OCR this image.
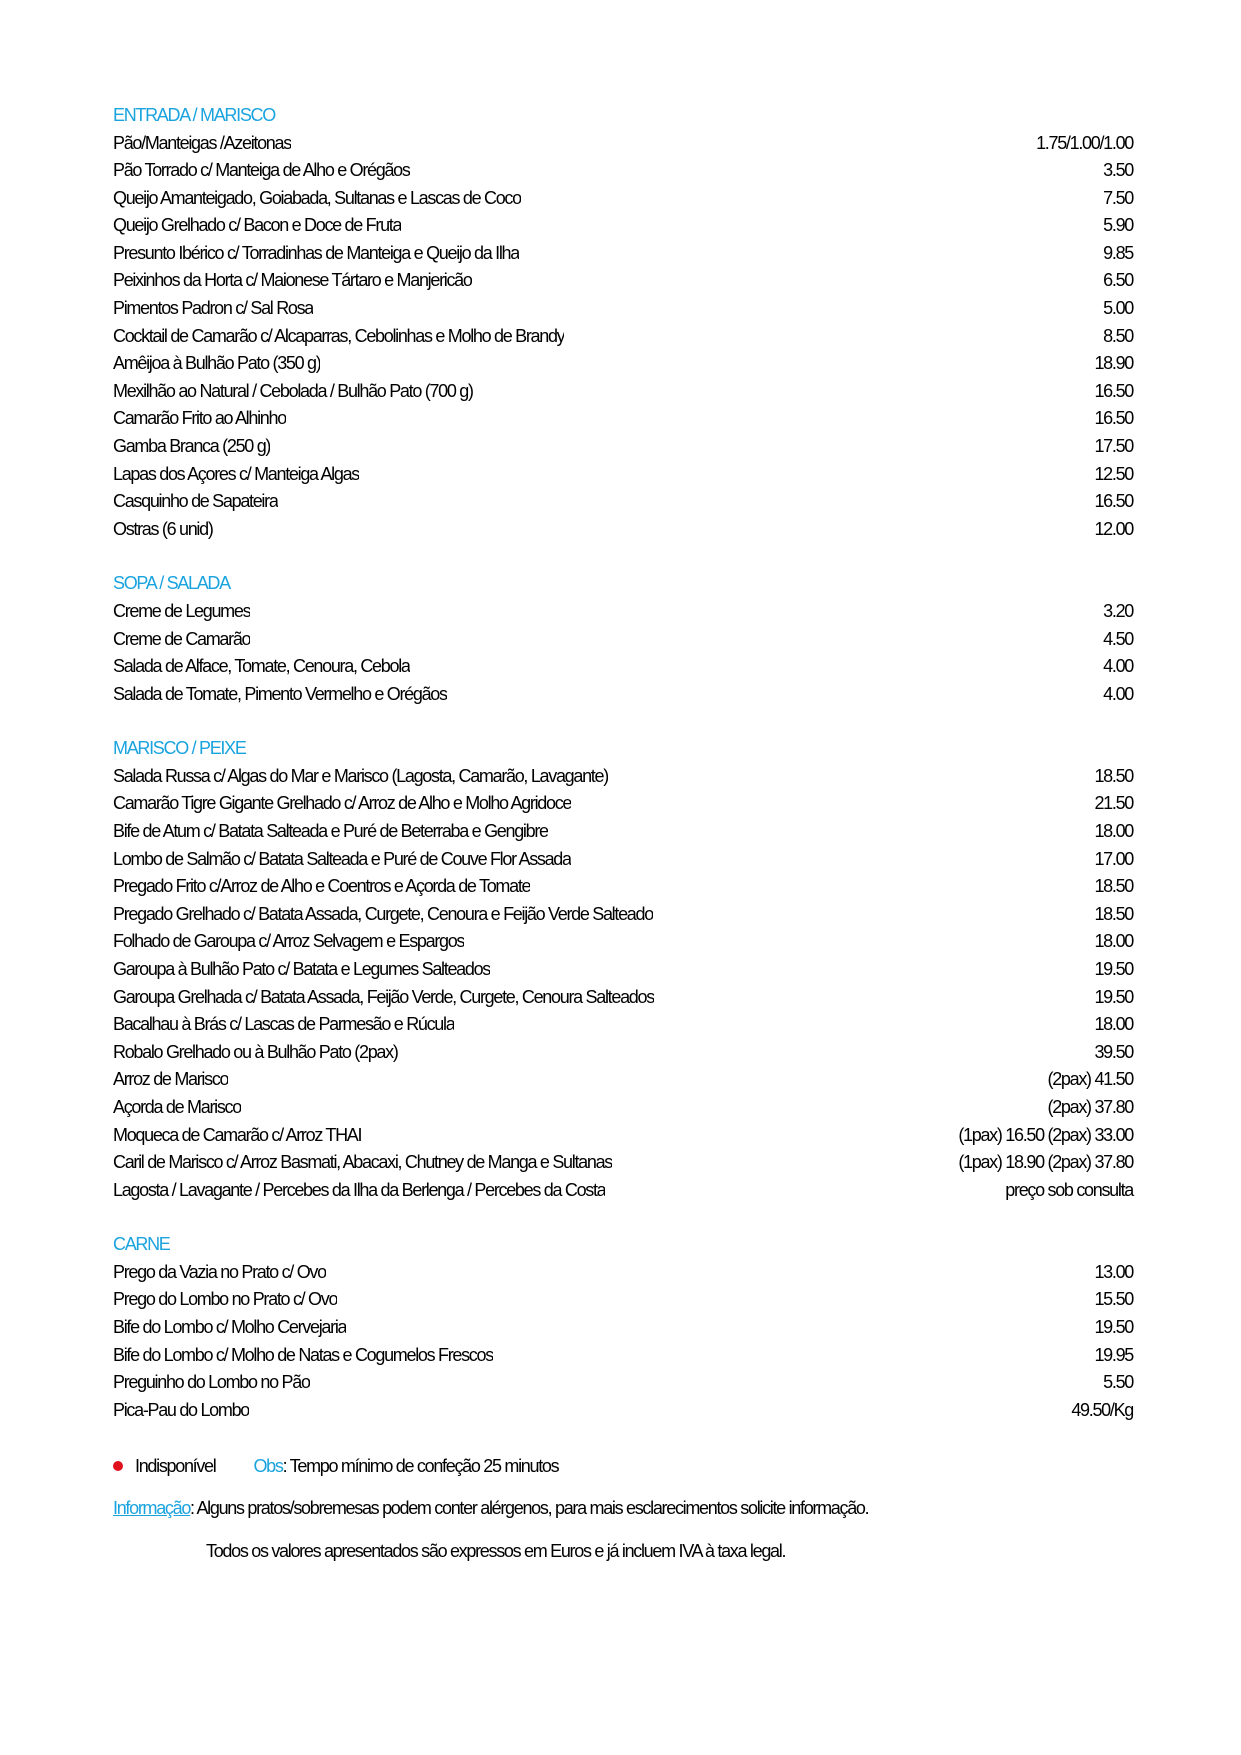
ENTRADA / MARISCO
Pão/Manteigas /Azeitonas	1.75/1.00/1.00
Pão Torrado c/ Manteiga de Alho e Orégãos	3.50
Queijo Amanteigado, Goiabada, Sultanas e Lascas de Coco	7.50
Queijo Grelhado c/ Bacon e Doce de Fruta	5.90
Presunto Ibérico c/ Torradinhas de Manteiga e Queijo da Ilha	9.85
Peixinhos da Horta c/ Maionese Tártaro e Manjericão	6.50
Pimentos Padron c/ Sal Rosa	5.00
Cocktail de Camarão c/ Alcaparras, Cebolinhas e Molho de Brandy	8.50
Amêijoa à Bulhão Pato (350 g)	18.90
Mexilhão ao Natural / Cebolada / Bulhão Pato (700 g)	16.50
Camarão Frito ao Alhinho	16.50
Gamba Branca (250 g)	17.50
Lapas dos Açores c/ Manteiga Algas	12.50
Casquinho de Sapateira	16.50
Ostras (6 unid)	12.00
SOPA / SALADA
Creme de Legumes	3.20
Creme de Camarão	4.50
Salada de Alface, Tomate, Cenoura, Cebola	4.00
Salada de Tomate, Pimento Vermelho e Orégãos	4.00
MARISCO / PEIXE
Salada Russa c/ Algas do Mar e Marisco (Lagosta, Camarão, Lavagante)	18.50
Camarão Tigre Gigante Grelhado c/ Arroz de Alho e Molho Agridoce	21.50
Bife de Atum c/ Batata Salteada e Puré de Beterraba e Gengibre	18.00
Lombo de Salmão c/ Batata Salteada e Puré de Couve Flor Assada	17.00
Pregado Frito c/Arroz de Alho e Coentros e Açorda de Tomate	18.50
Pregado Grelhado c/ Batata Assada, Curgete, Cenoura e Feijão Verde Salteado	18.50
Folhado de Garoupa c/ Arroz Selvagem e Espargos	18.00
Garoupa à Bulhão Pato c/ Batata e Legumes Salteados	19.50
Garoupa Grelhada c/ Batata Assada, Feijão Verde, Curgete, Cenoura Salteados	19.50
Bacalhau à Brás c/ Lascas de Parmesão e Rúcula	18.00
Robalo Grelhado ou à Bulhão Pato (2pax)	39.50
Arroz de Marisco	(2pax) 41.50
Açorda de Marisco	(2pax) 37.80
Moqueca de Camarão c/ Arroz THAI	(1pax) 16.50 (2pax) 33.00
Caril de Marisco c/ Arroz Basmati, Abacaxi, Chutney de Manga e Sultanas	(1pax) 18.90 (2pax) 37.80
Lagosta / Lavagante / Percebes da Ilha da Berlenga / Percebes da Costa	preço sob consulta
CARNE
Prego da Vazia no Prato c/ Ovo	13.00
Prego do Lombo no Prato c/ Ovo	15.50
Bife do Lombo c/ Molho Cervejaria	19.50
Bife do Lombo c/ Molho de Natas e Cogumelos Frescos	19.95
Preguinho do Lombo no Pão	5.50
Pica-Pau do Lombo	49.50/Kg
Indisponível Obs : Tempo mínimo de confeção 25 minutos
Informação: Alguns pratos/sobremesas podem conter alérgenos, para mais esclarecimentos solicite informação.
Todos os valores apresentados são expressos em Euros e já incluem IVA à taxa legal.
